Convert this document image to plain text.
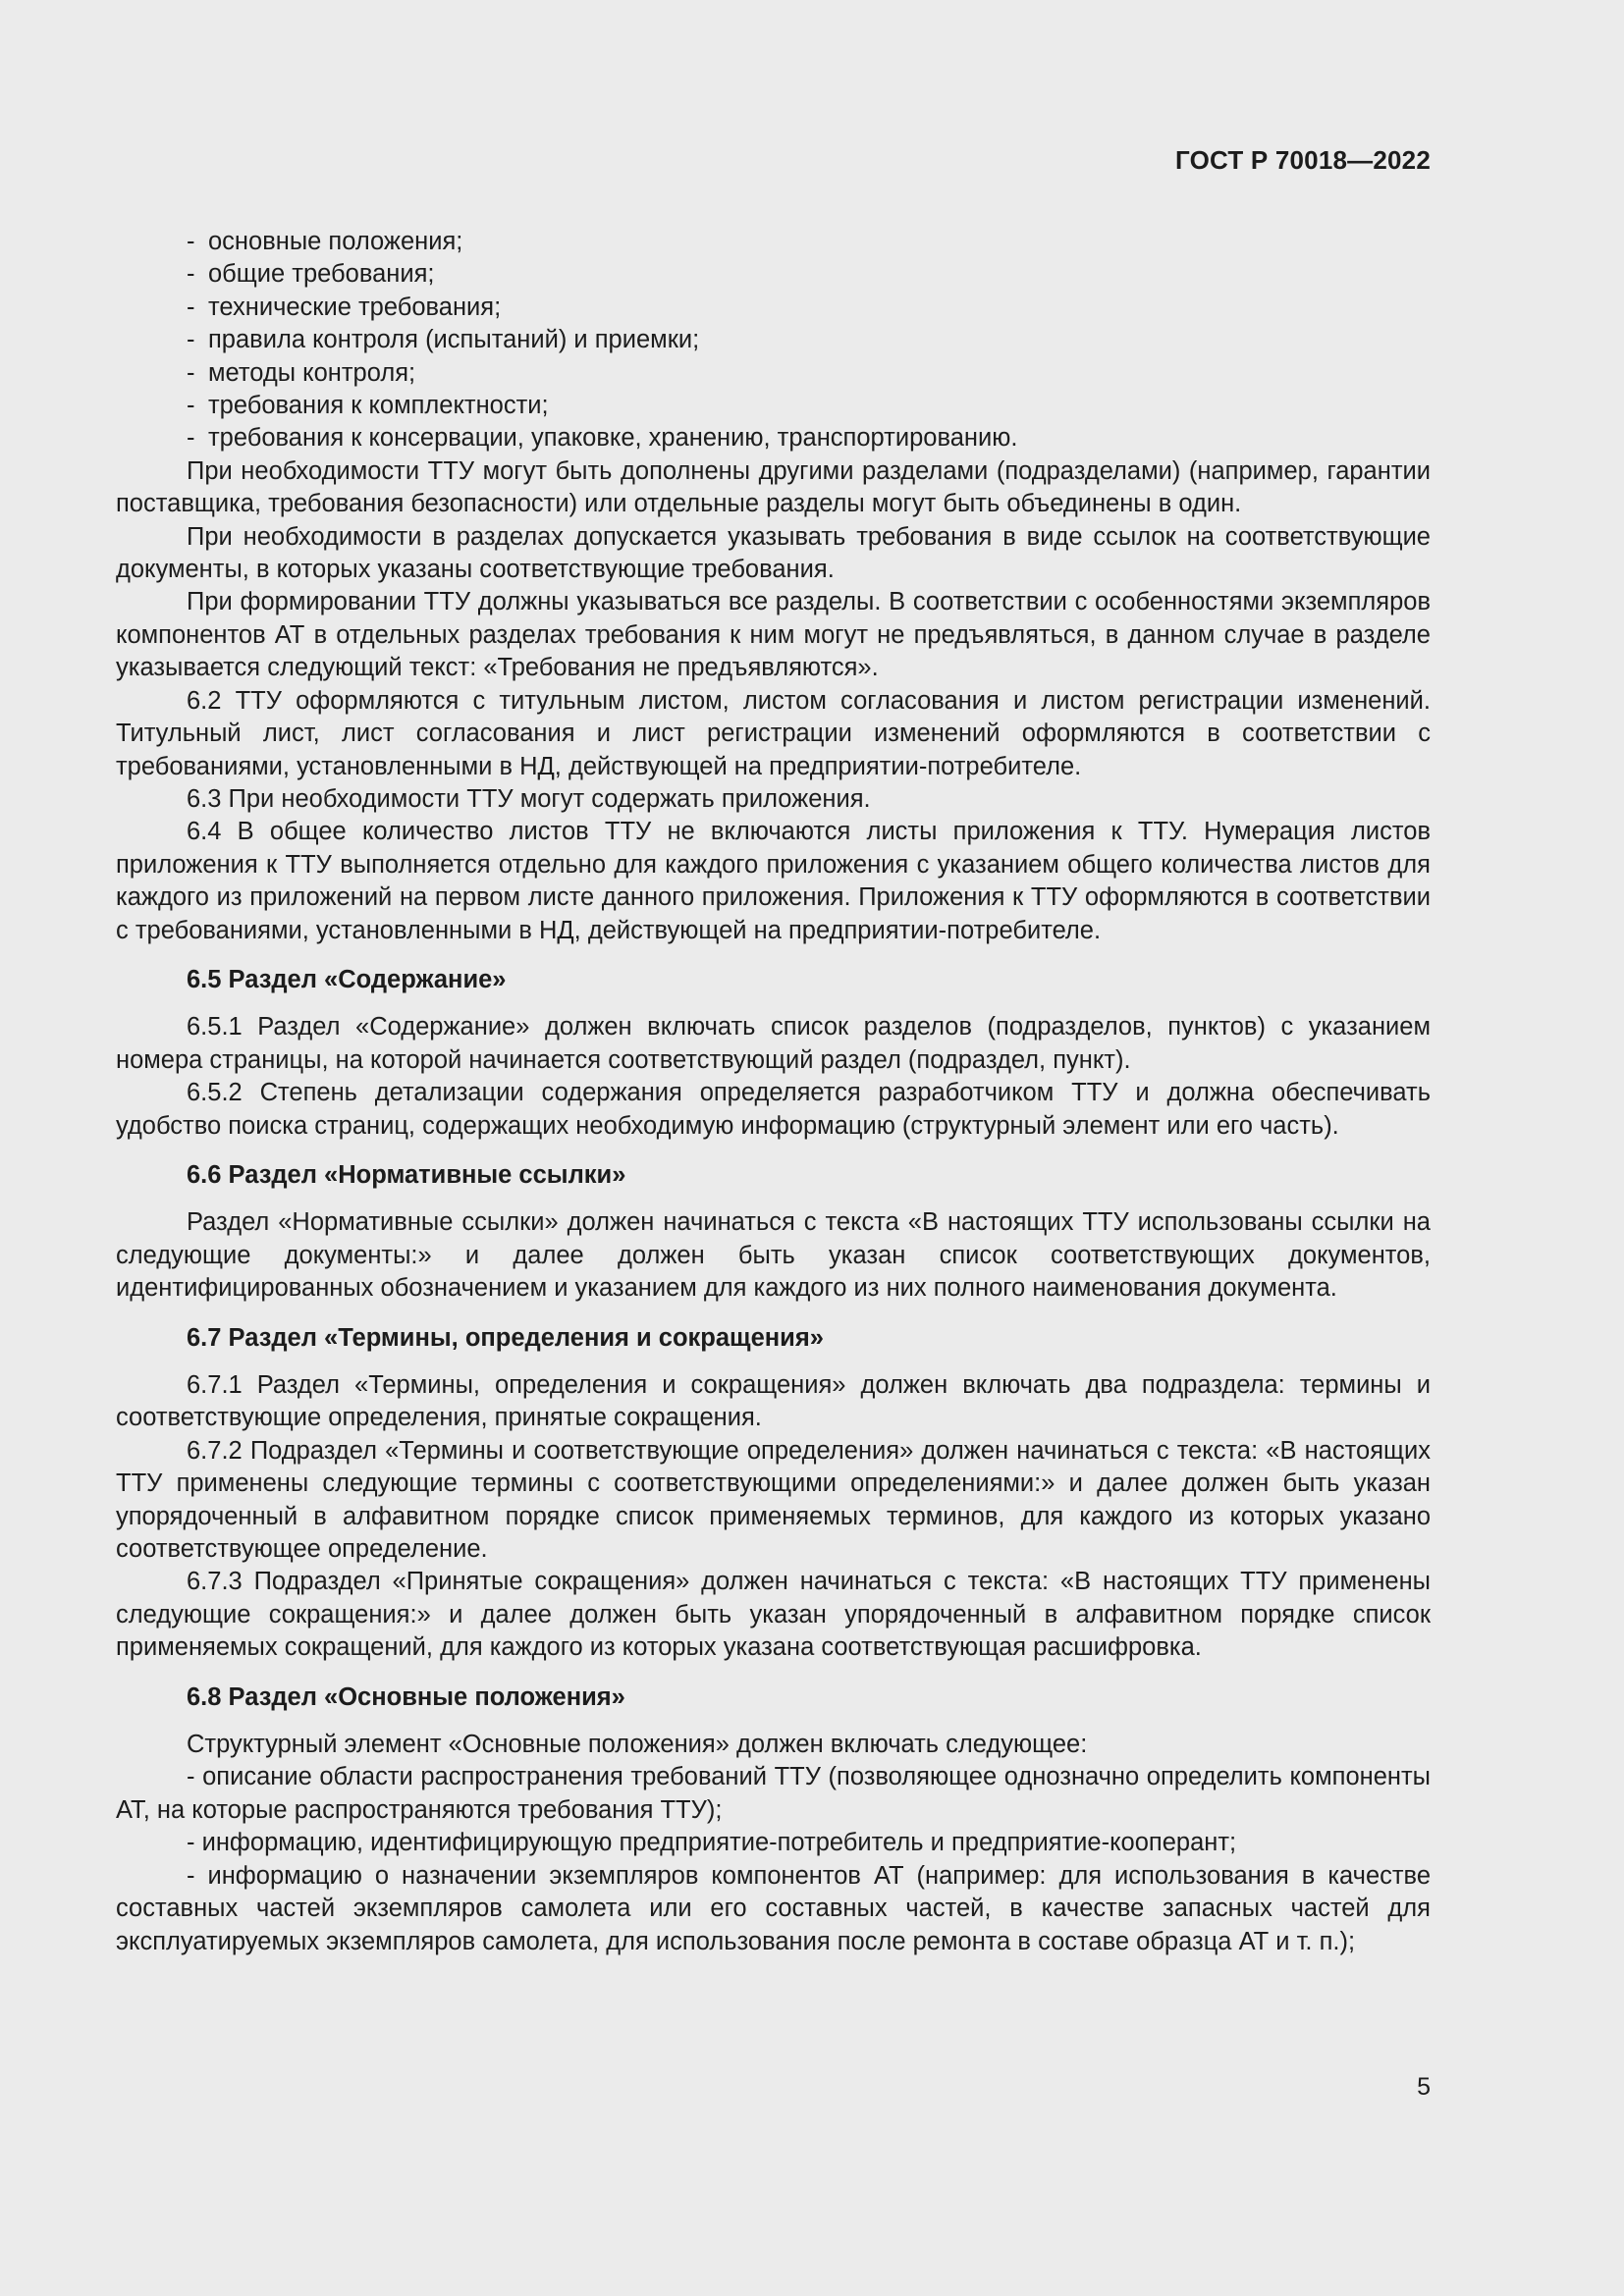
ГОСТ Р 70018—2022
- основные положения;
- общие требования;
- технические требования;
- правила контроля (испытаний) и приемки;
- методы контроля;
- требования к комплектности;
- требования к консервации, упаковке, хранению, транспортированию.
При необходимости ТТУ могут быть дополнены другими разделами (подразделами) (например, гарантии поставщика, требования безопасности) или отдельные разделы могут быть объединены в один.
При необходимости в разделах допускается указывать требования в виде ссылок на соответствующие документы, в которых указаны соответствующие требования.
При формировании ТТУ должны указываться все разделы. В соответствии с особенностями экземпляров компонентов АТ в отдельных разделах требования к ним могут не предъявляться, в данном случае в разделе указывается следующий текст: «Требования не предъявляются».
6.2 ТТУ оформляются с титульным листом, листом согласования и листом регистрации изменений. Титульный лист, лист согласования и лист регистрации изменений оформляются в соответствии с требованиями, установленными в НД, действующей на предприятии-потребителе.
6.3 При необходимости ТТУ могут содержать приложения.
6.4 В общее количество листов ТТУ не включаются листы приложения к ТТУ. Нумерация листов приложения к ТТУ выполняется отдельно для каждого приложения с указанием общего количества листов для каждого из приложений на первом листе данного приложения. Приложения к ТТУ оформляются в соответствии с требованиями, установленными в НД, действующей на предприятии-потребителе.
6.5 Раздел «Содержание»
6.5.1 Раздел «Содержание» должен включать список разделов (подразделов, пунктов) с указанием номера страницы, на которой начинается соответствующий раздел (подраздел, пункт).
6.5.2 Степень детализации содержания определяется разработчиком ТТУ и должна обеспечивать удобство поиска страниц, содержащих необходимую информацию (структурный элемент или его часть).
6.6 Раздел «Нормативные ссылки»
Раздел «Нормативные ссылки» должен начинаться с текста «В настоящих ТТУ использованы ссылки на следующие документы:» и далее должен быть указан список соответствующих документов, идентифицированных обозначением и указанием для каждого из них полного наименования документа.
6.7 Раздел «Термины, определения и сокращения»
6.7.1 Раздел «Термины, определения и сокращения» должен включать два подраздела: термины и соответствующие определения, принятые сокращения.
6.7.2 Подраздел «Термины и соответствующие определения» должен начинаться с текста: «В настоящих ТТУ применены следующие термины с соответствующими определениями:» и далее должен быть указан упорядоченный в алфавитном порядке список применяемых терминов, для каждого из которых указано соответствующее определение.
6.7.3 Подраздел «Принятые сокращения» должен начинаться с текста: «В настоящих ТТУ применены следующие сокращения:» и далее должен быть указан упорядоченный в алфавитном порядке список применяемых сокращений, для каждого из которых указана соответствующая расшифровка.
6.8 Раздел «Основные положения»
Структурный элемент «Основные положения» должен включать следующее:
- описание области распространения требований ТТУ (позволяющее однозначно определить компоненты АТ, на которые распространяются требования ТТУ);
- информацию, идентифицирующую предприятие-потребитель и предприятие-кооперант;
- информацию о назначении экземпляров компонентов АТ (например: для использования в качестве составных частей экземпляров самолета или его составных частей, в качестве запасных частей для эксплуатируемых экземпляров самолета, для использования после ремонта в составе образца АТ и т. п.);
5
